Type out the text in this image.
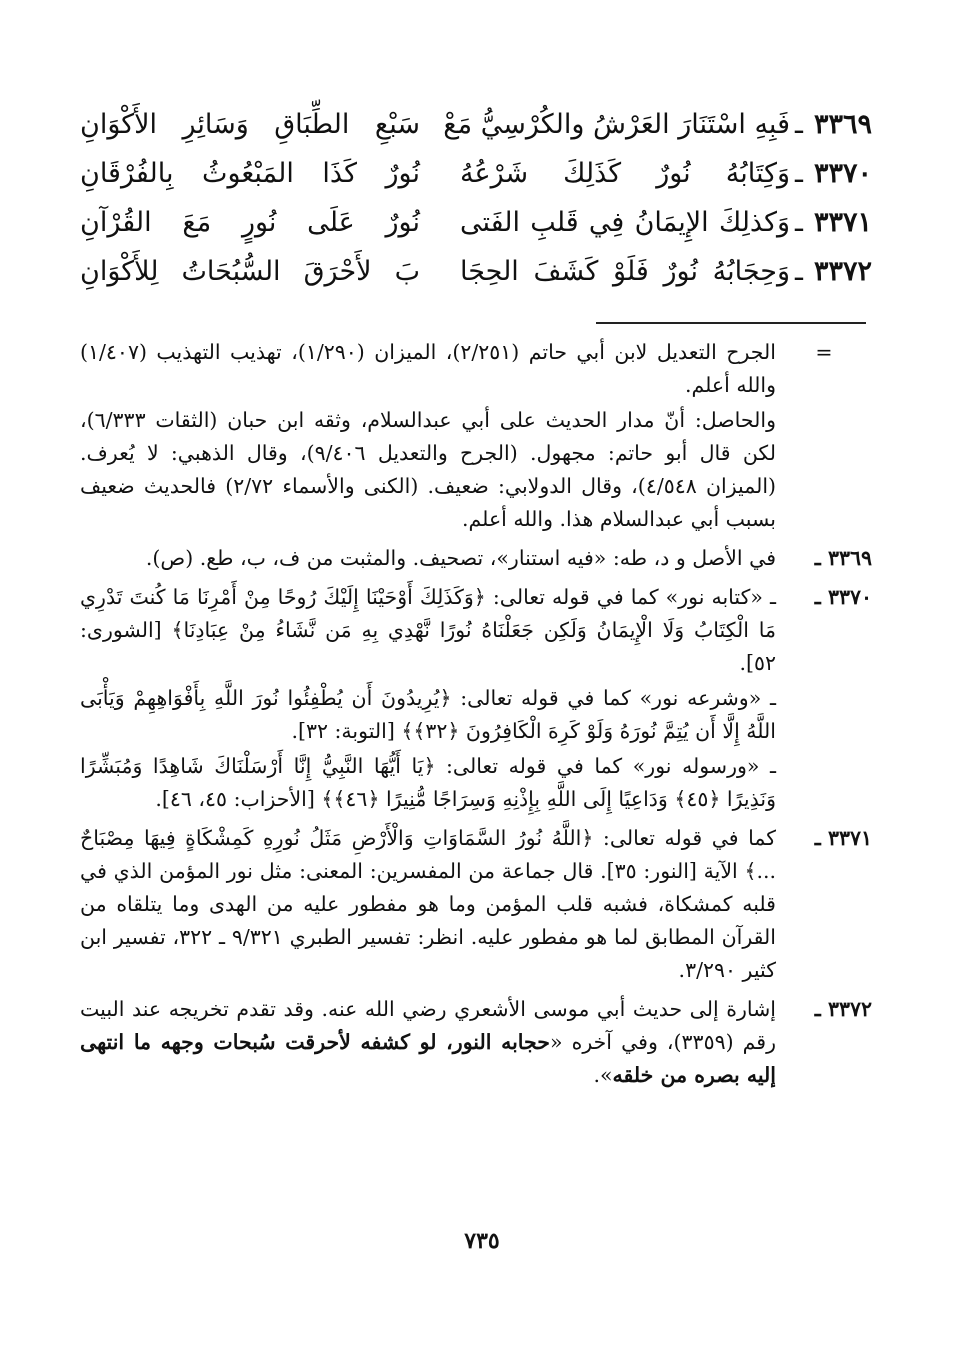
٣٣٦٩
ـ
فَبِهِ اسْتَنَارَ العَرْشُ والكُرْسِيُّ مَعْ
سَبْعِ الطِّبَاقِ وَسَائِرِ الأَكْوَانِ
٣٣٧٠
ـ
وَكِتَابُهُ نُورٌ كَذَلِكَ شَرْعُهُ
نُورٌ كَذَا المَبْعُوثُ بِالفُرْقَانِ
٣٣٧١
ـ
وَكذلِكَ الإِيمَانُ فِي قَلبِ الفَتى
نُورٌ عَلَى نُورٍ مَعَ القُرْآنِ
٣٣٧٢
ـ
وَحِجَابُهُ نُورٌ فَلَوْ كَشَفَ الحِجَا
بَ لأَحْرَقَ السُّبُحَاتُ لِلأَكْوَانِ
=

الجرح التعديل لابن أبي حاتم (٢/٢٥١)، الميزان (١/٢٩٠)، تهذيب التهذيب (١/٤٠٧) والله أعلم.

والحاصل: أنّ مدار الحديث على أبي عبدالسلام، وثقه ابن حبان (الثقات ٦/٣٣٣)، لكن قال أبو حاتم: مجهول. (الجرح والتعديل ٩/٤٠٦)، وقال الذهبي: لا يُعرف. (الميزان ٤/٥٤٨)، وقال الدولابي: ضعيف. (الكنى والأسماء ٢/٧٢) فالحديث ضعيف بسبب أبي عبدالسلام هذا. والله أعلم.

٣٣٦٩ ـ

في الأصل و د، طه: «فيه استنار»، تصحيف. والمثبت من ف، ب، طع. (ص).

٣٣٧٠ ـ

ـ «كتابه نور» كما في قوله تعالى: ﴿وَكَذَلِكَ أَوْحَيْنَا إِلَيْكَ رُوحًا مِنْ أَمْرِنَا مَا كُنتَ تَدْرِي مَا الْكِتَابُ وَلَا الْإِيمَانُ وَلَكِن جَعَلْنَاهُ نُورًا نَّهْدِي بِهِ مَن نَّشَاءُ مِنْ عِبَادِنَا﴾ [الشورى: ٥٢].

ـ «وشرعه نور» كما في قوله تعالى: ﴿يُرِيدُونَ أَن يُطْفِئُوا نُورَ اللَّهِ بِأَفْوَاهِهِمْ وَيَأْبَى اللَّهُ إِلَّا أَن يُتِمَّ نُورَهُ وَلَوْ كَرِهَ الْكَافِرُونَ ﴿٣٢﴾﴾ [التوبة: ٣٢].

ـ «ورسوله نور» كما في قوله تعالى: ﴿يَا أَيُّهَا النَّبِيُّ إِنَّا أَرْسَلْنَاكَ شَاهِدًا وَمُبَشِّرًا وَنَذِيرًا ﴿٤٥﴾ وَدَاعِيًا إِلَى اللَّهِ بِإِذْنِهِ وَسِرَاجًا مُّنِيرًا ﴿٤٦﴾﴾ [الأحزاب: ٤٥، ٤٦].

٣٣٧١ ـ

كما في قوله تعالى: ﴿اللَّهُ نُورُ السَّمَاوَاتِ وَالْأَرْضِ مَثَلُ نُورِهِ كَمِشْكَاةٍ فِيهَا مِصْبَاحٌ ...﴾ الآية [النور: ٣٥]. قال جماعة من المفسرين: المعنى: مثل نور المؤمن الذي في قلبه كمشكاة، فشبه قلب المؤمن وما هو مفطور عليه من الهدى وما يتلقاه من القرآن المطابق لما هو مفطور عليه. انظر: تفسير الطبري ٩/٣٢١ ـ ٣٢٢، تفسير ابن كثير ٣/٢٩٠.

٣٣٧٢ ـ

إشارة إلى حديث أبي موسى الأشعري رضي الله عنه. وقد تقدم تخريجه عند البيت رقم (٣٣٥٩)، وفي آخره «حجابه النور، لو كشفه لأحرقت سُبحات وجهه ما انتهى إليه بصره من خلقه».

٧٣٥
